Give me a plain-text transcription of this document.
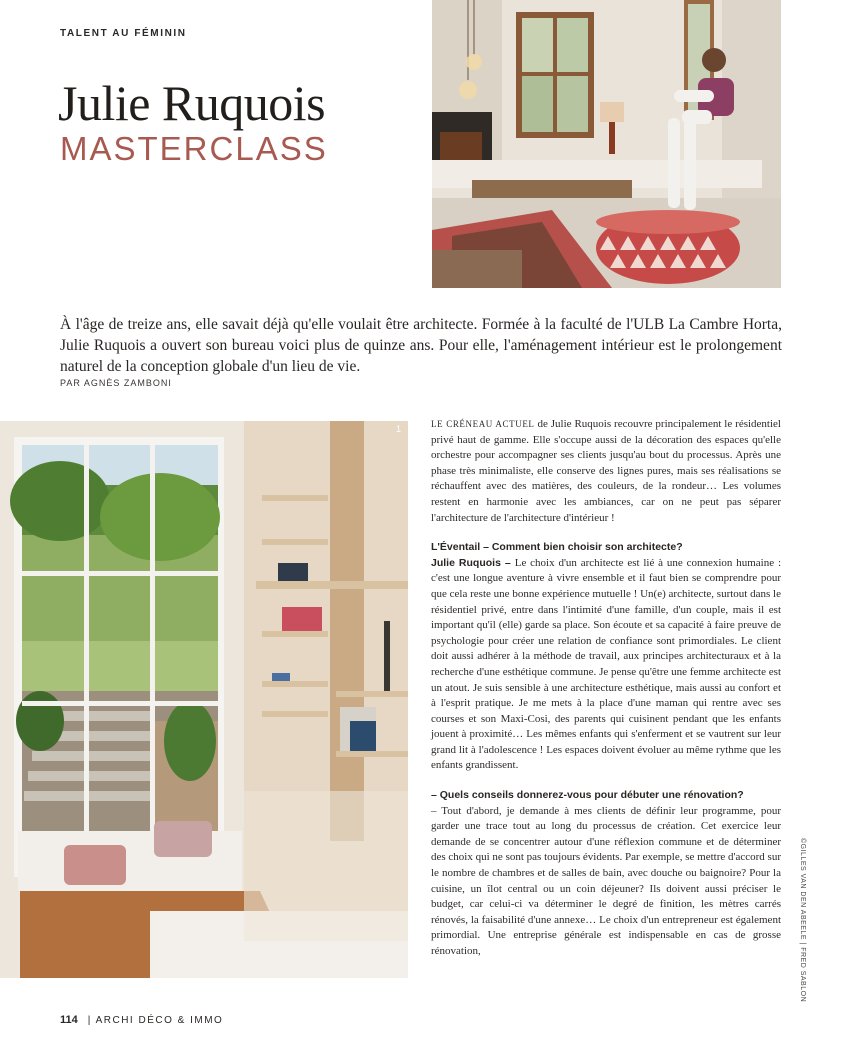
TALENT AU FÉMININ
Julie Ruquois
MASTERCLASS

À l'âge de treize ans, elle savait déjà qu'elle voulait être architecte. Formée à la faculté de l'ULB La Cambre Horta, Julie Ruquois a ouvert son bureau voici plus de quinze ans. Pour elle, l'aménagement intérieur est le prolongement naturel de la conception globale d'un lieu de vie.

PAR AGNÈS ZAMBONI
1	LE CRÉNEAU ACTUEL de Julie Ruquois recouvre principalement le résidentiel privé haut de gamme. Elle s'occupe aussi de la décoration des espaces qu'elle orchestre pour accompagner ses clients jusqu'au bout du processus. Après une phase très minimaliste, elle conserve des lignes pures, mais ses réalisations se réchauffent avec des matières, des couleurs, de la rondeur… Les volumes restent en harmonie avec les ambiances, car on ne peut pas séparer l'architecture de l'architecture d'intérieur !

L'Éventail – Comment bien choisir son architecte?

Julie Ruquois – Le choix d'un architecte est lié à une connexion humaine : c'est une longue aventure à vivre ensemble et il faut bien se comprendre pour que cela reste une bonne expérience mutuelle ! Un(e) architecte, surtout dans le résidentiel privé, entre dans l'intimité d'une famille, d'un couple, mais il est important qu'il (elle) garde sa place. Son écoute et sa capacité à faire preuve de psychologie pour créer une relation de confiance sont primordiales. Le client doit aussi adhérer à la méthode de travail, aux principes architecturaux et à la recherche d'une esthétique commune. Je pense qu'être une femme architecte est un atout. Je suis sensible à une architecture esthétique, mais aussi au confort et à l'esprit pratique. Je me mets à la place d'une maman qui rentre avec ses courses et son Maxi-Cosi, des parents qui cuisinent pendant que les enfants jouent à proximité… Les mêmes enfants qui s'enferment et se vautrent sur leur grand lit à l'adolescence ! Les espaces doivent évoluer au même rythme que les enfants grandissent.

– Quels conseils donnerez-vous pour débuter une rénovation?

– Tout d'abord, je demande à mes clients de définir leur programme, pour garder une trace tout au long du processus de création. Cet exercice leur demande de se concentrer autour d'une réflexion commune et de déterminer des choix qui ne sont pas toujours évidents. Par exemple, se mettre d'accord sur le nombre de chambres et de salles de bain, avec douche ou baignoire? Pour la cuisine, un îlot central ou un coin déjeuner? Ils doivent aussi préciser le budget, car celui-ci va déterminer le degré de finition, les mètres carrés rénovés, la faisabilité d'une annexe… Le choix d'un entrepreneur est également primordial. Une entreprise générale est indispensable en cas de grosse rénovation,	©GILLES VAN DEN ABEELE | FRED SABLON
114 | ARCHI DÉCO & IMMO
